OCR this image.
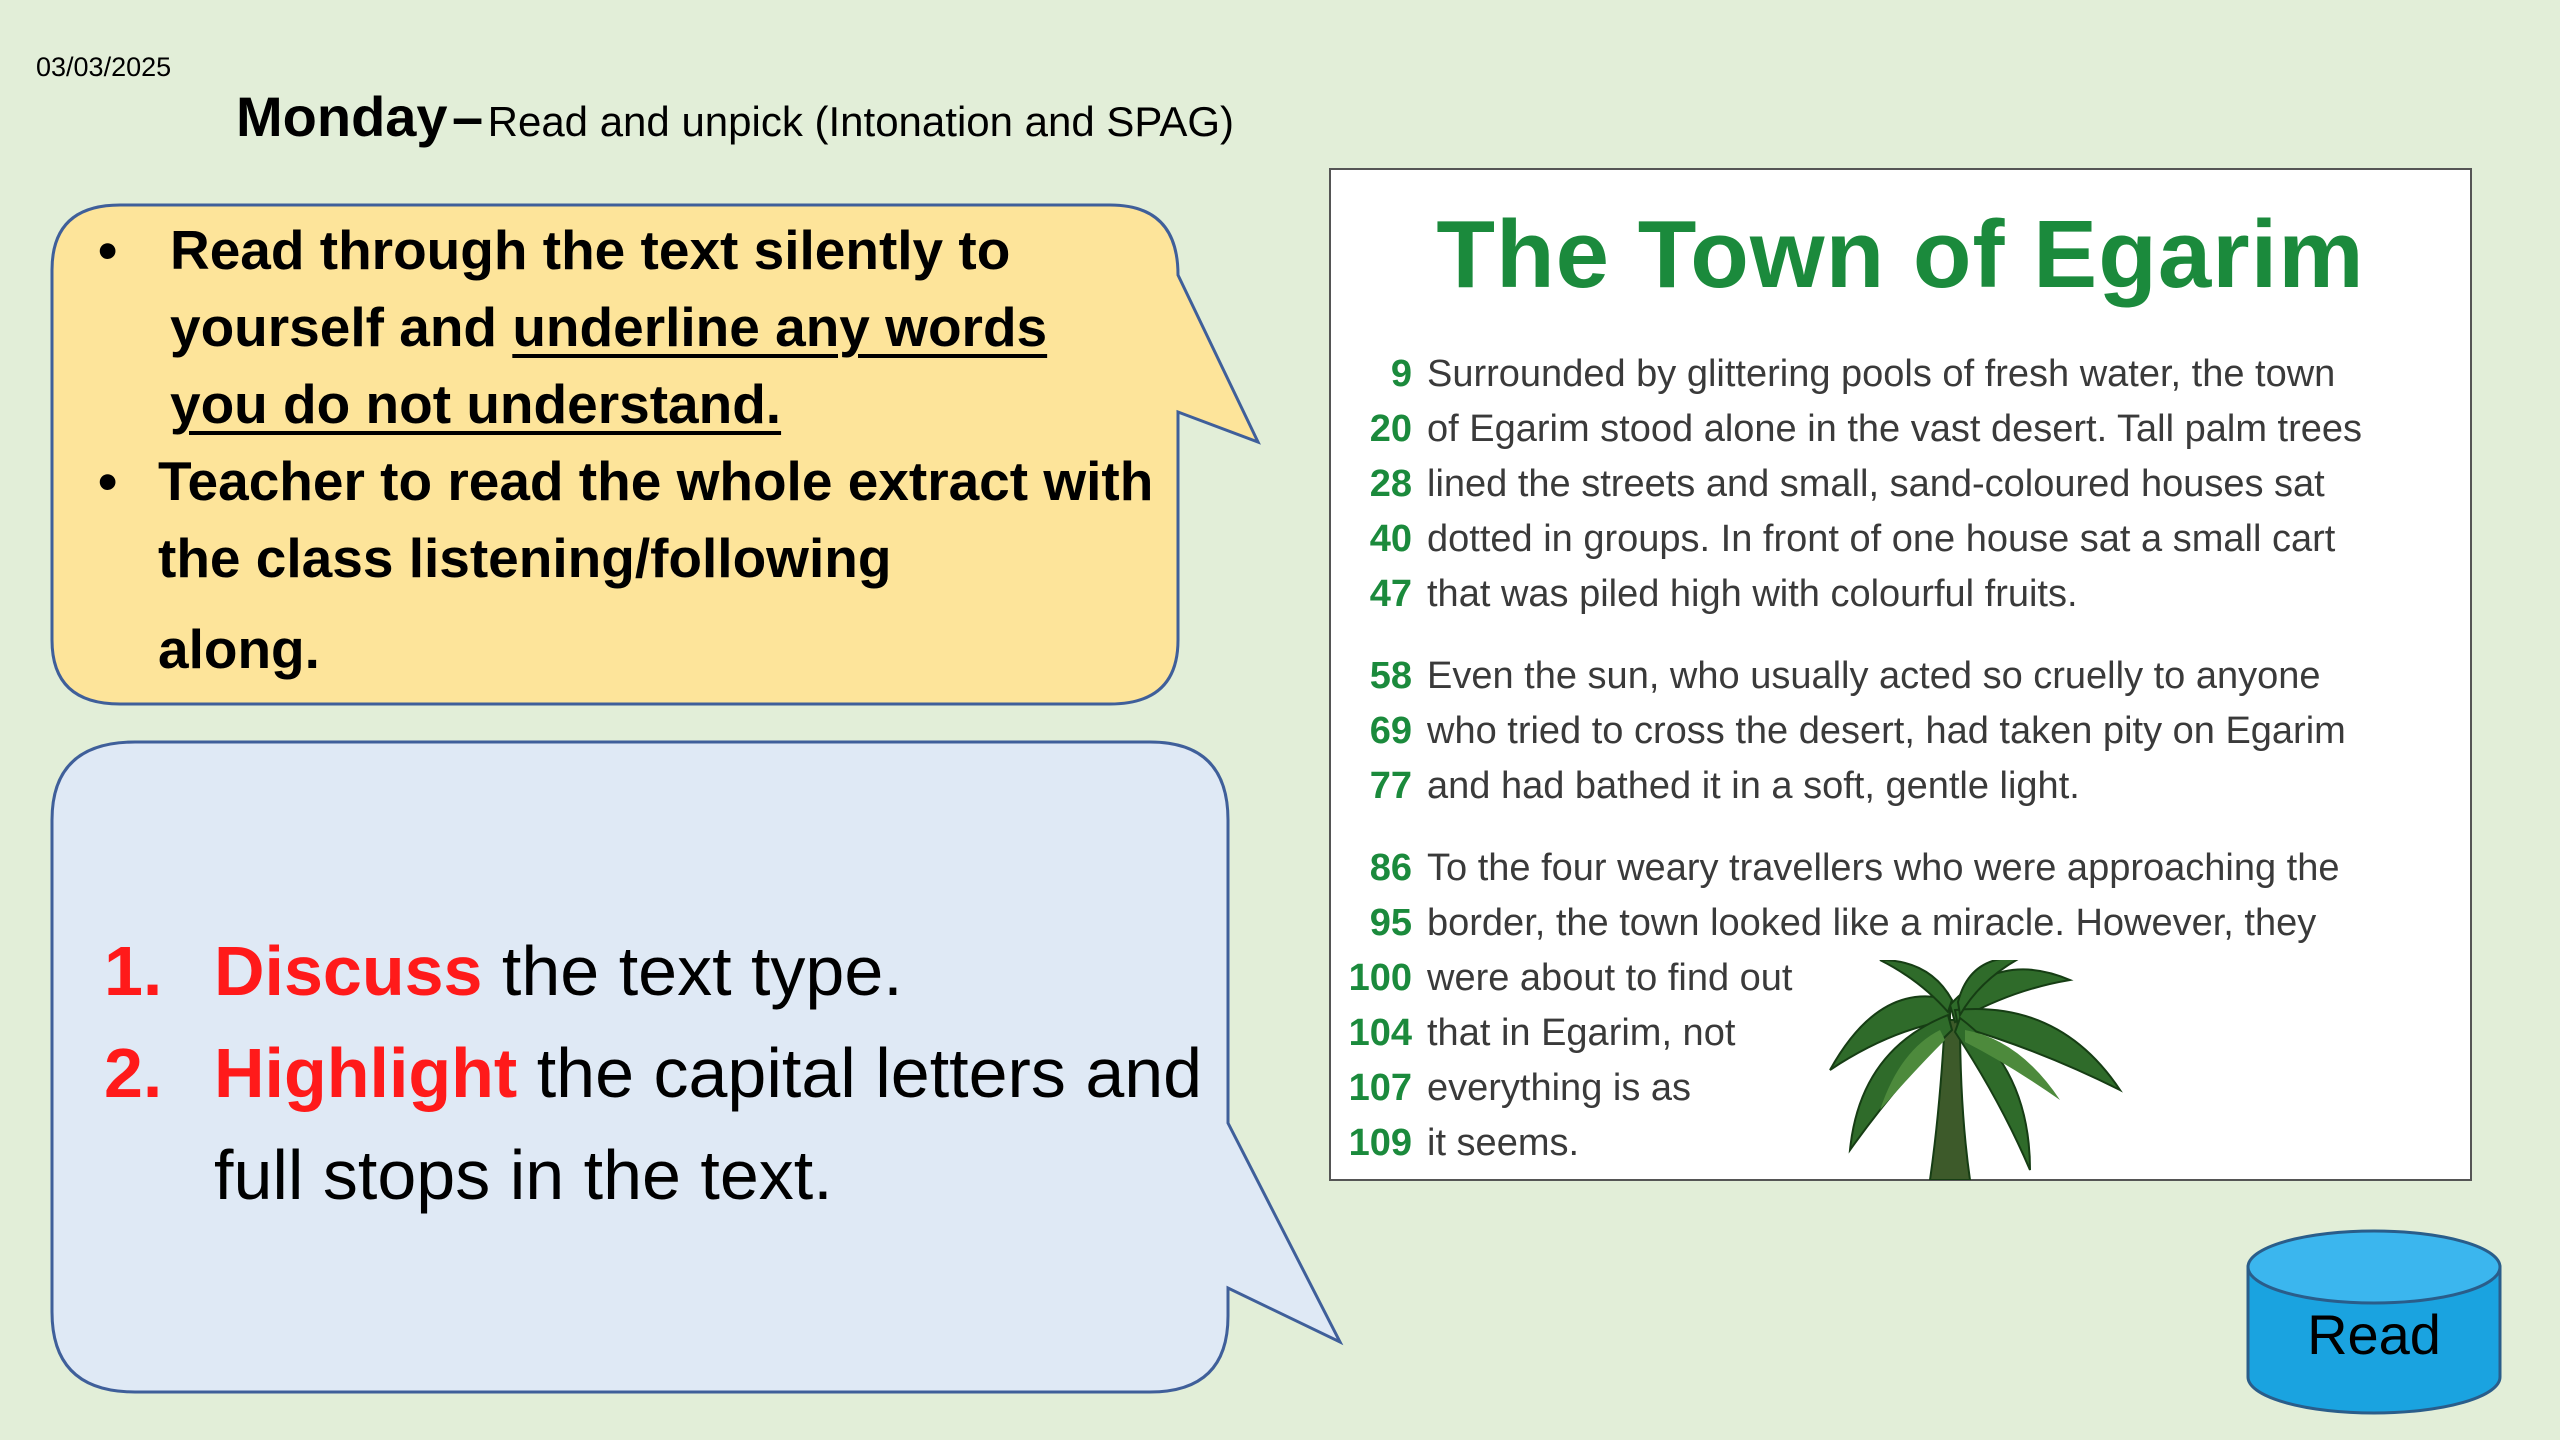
03/03/2025
Monday – Read and unpick (Intonation and SPAG)
• Read through the text silently to yourself and underline any words you do not understand.
• Teacher to read the whole extract with the class listening/following
along.
1. Discuss the text type.
2. Highlight the capital letters and full stops in the text.
The Town of Egarim
9 Surrounded by glittering pools of fresh water, the town
20 of Egarim stood alone in the vast desert. Tall palm trees
28 lined the streets and small, sand-coloured houses sat
40 dotted in groups. In front of one house sat a small cart
47 that was piled high with colourful fruits.
58 Even the sun, who usually acted so cruelly to anyone
69 who tried to cross the desert, had taken pity on Egarim
77 and had bathed it in a soft, gentle light.
86 To the four weary travellers who were approaching the
95 border, the town looked like a miracle. However, they
100 were about to find out
104 that in Egarim, not
107 everything is as
109 it seems.
Read
